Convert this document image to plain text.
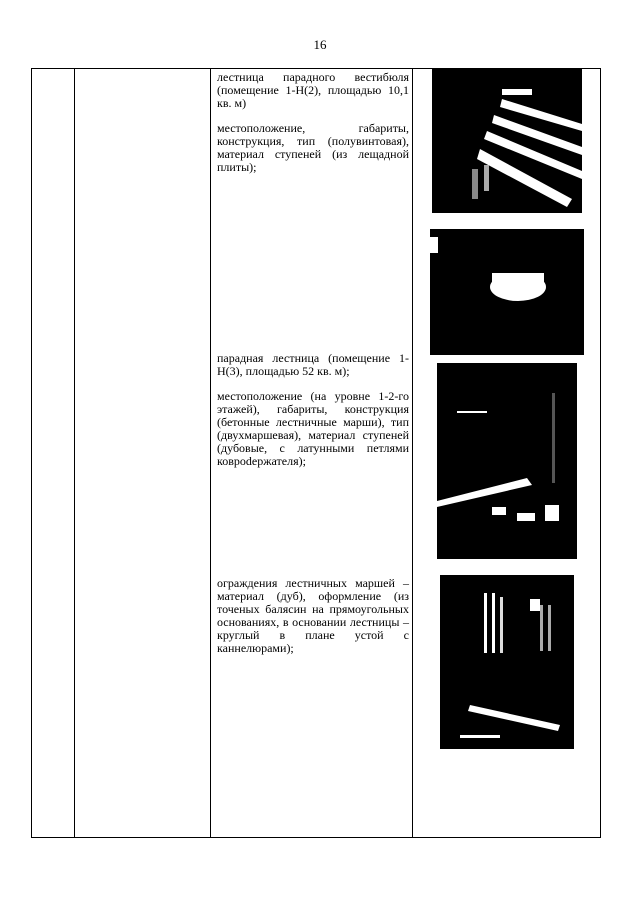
16

лестница парадного вестибюля (помещение 1-Н(2), площадью 10,1 кв. м)

местоположение, габариты, конструкция, тип (полувинтовая), материал ступеней (из лещадной плиты);

парадная лестница (помещение 1-Н(3), площадью 52 кв. м);

местоположение (на уровне 1-2-го этажей), габариты, конструкция (бетонные лестничные марши), тип (двухмаршевая), материал ступеней (дубовые, с латунными петлями коврodержателя);

ограждения лестничных маршей – материал (дуб), оформление (из точеных балясин на прямоугольных основаниях, в основании лестницы – круглый в плане устой с каннелюрами);
